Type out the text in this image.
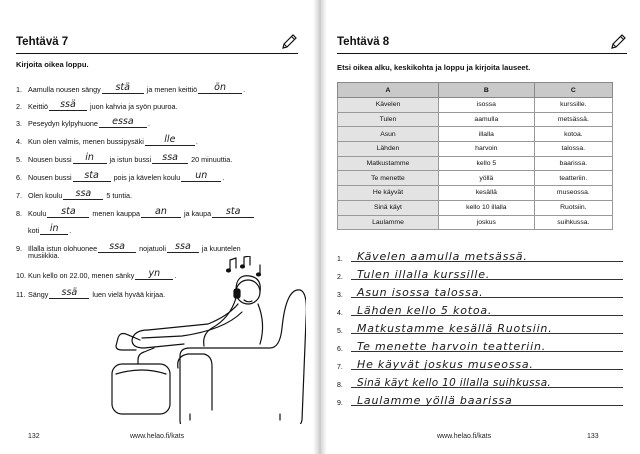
Tehtävä 7
Kirjoita oikea loppu.
1. Aamulla nousen sängy stä ja menen keittiö ön .
2. Keittiö ssä juon kahvia ja syön puuroa.
3. Peseydyn kylpyhuone essa .
4. Kun olen valmis, menen bussipysäki lle	.
5. Nousen bussi in ja istun bussi ssa 20 minuuttia.
6. Nousen bussi sta pois ja kävelen koulu un .
7. Olen koulu ssa 5 tuntia.
8. Koulu sta menen kauppa an ja kaupa sta
koti in .
9. Illalla istun olohuonee ssa nojatuoli ssa ja kuuntelen
musiikkia.
10. Kun kello on 22.00, menen sänky yn .
11. Sängy ssä luen vielä hyvää kirjaa.
132	www.helao.fi/kats
Tehtävä 8
Etsi oikea alku, keskikohta ja loppu ja kirjoita lauseet.
A	B	C
Kävelen	isossa	kurssille.
Tulen	aamulla	metsässä.
Asun	illalla	kotoa.
Lähden	harvoin	talossa.
Matkustamme	kello 5	baarissa.
Te menette	yöllä	teatteriin.
He käyvät	kesällä	museossa.
Sinä käyt	kello 10 illalla	Ruotsiin.
Laulamme	joskus	suihkussa.
1. Kävelen aamulla metsässä.
2. Tulen illalla kurssille.
3. Asun isossa talossa.
4. Lähden kello 5 kotoa.
5. Matkustamme kesällä Ruotsiin.
6. Te menette harvoin teatteriin.
7. He käyvät joskus museossa.
8. Sinä käyt kello 10 illalla suihkussa.
9. Laulamme yöllä baarissa
www.helao.fi/kats	133
